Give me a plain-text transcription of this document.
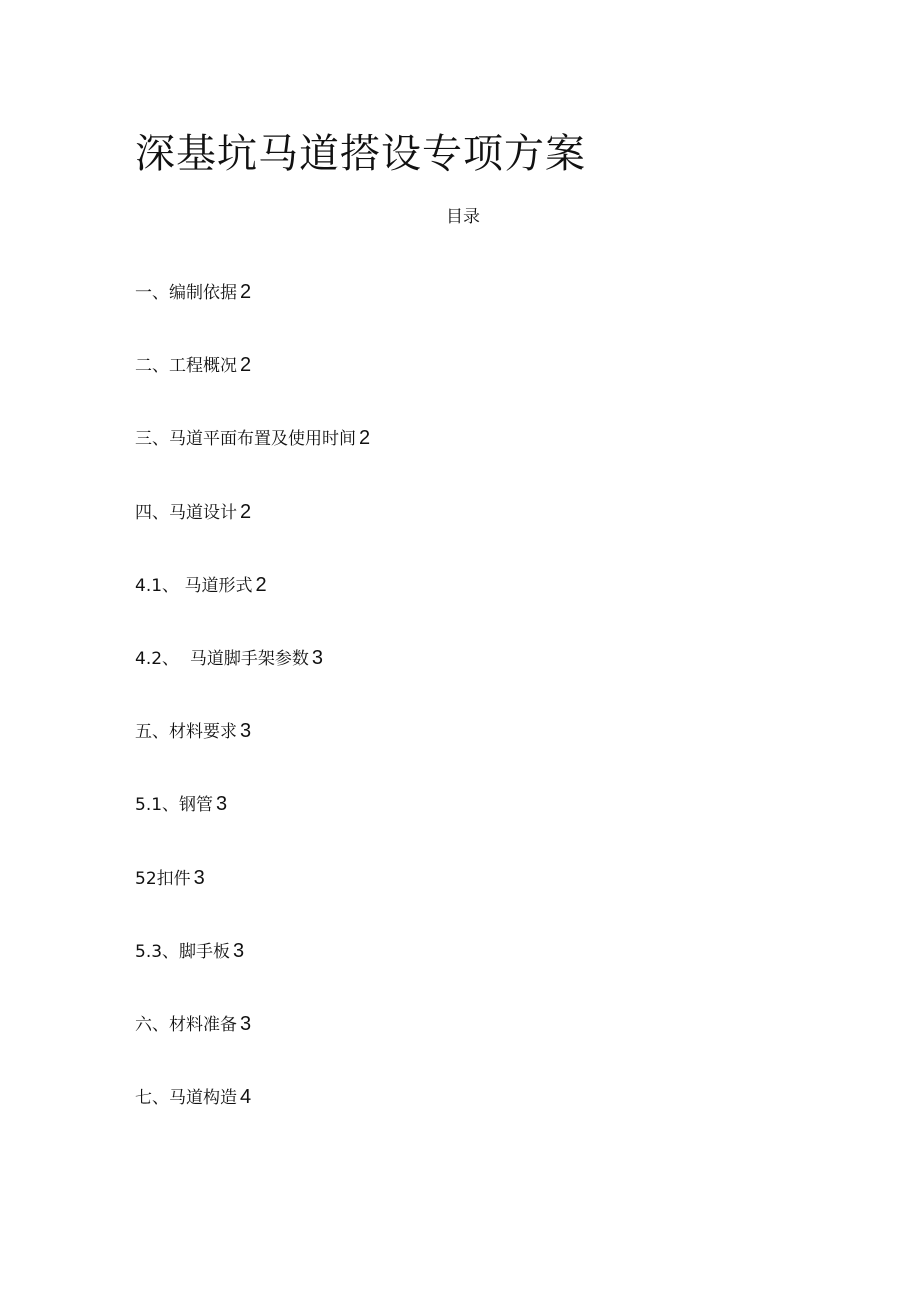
深基坑马道搭设专项方案
目录
一、编制依据 2
二、工程概况 2
三、马道平面布置及使用时间 2
四、马道设计 2
4.1、 马道形式 2
4.2、  马道脚手架参数 3
五、材料要求 3
5.1、钢管 3
52扣件 3
5.3、脚手板 3
六、材料准备 3
七、马道构造 4
